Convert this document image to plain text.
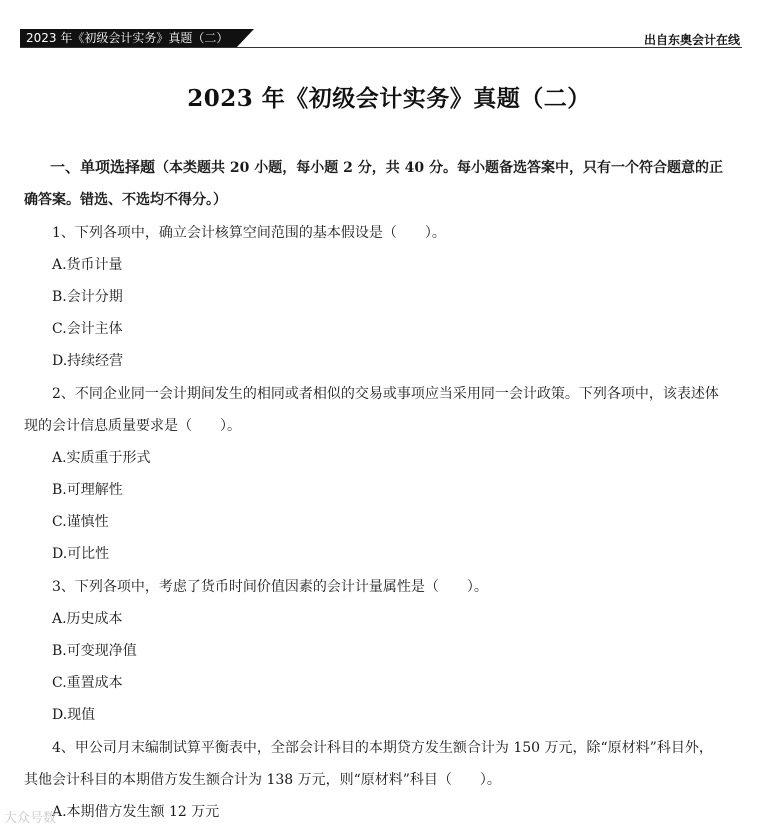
2023 年《初级会计实务》真题（二）	出自东奥会计在线
2023 年《初级会计实务》真题（二）
一、单项选择题（本类题共 20 小题，每小题 2 分，共 40 分。每小题备选答案中，只有一个符合题意的正
确答案。错选、不选均不得分。）
1、下列各项中，确立会计核算空间范围的基本假设是（　　）。
A.货币计量
B.会计分期
C.会计主体
D.持续经营
2、不同企业同一会计期间发生的相同或者相似的交易或事项应当采用同一会计政策。下列各项中，该表述体
现的会计信息质量要求是（　　）。
A.实质重于形式
B.可理解性
C.谨慎性
D.可比性
3、下列各项中，考虑了货币时间价值因素的会计计量属性是（　　）。
A.历史成本
B.可变现净值
C.重置成本
D.现值
4、甲公司月末编制试算平衡表中，全部会计科目的本期贷方发生额合计为 150 万元，除“原材料”科目外，
其他会计科目的本期借方发生额合计为 138 万元，则“原材料”科目（　　）。
A.本期借方发生额 12 万元
大众号数
